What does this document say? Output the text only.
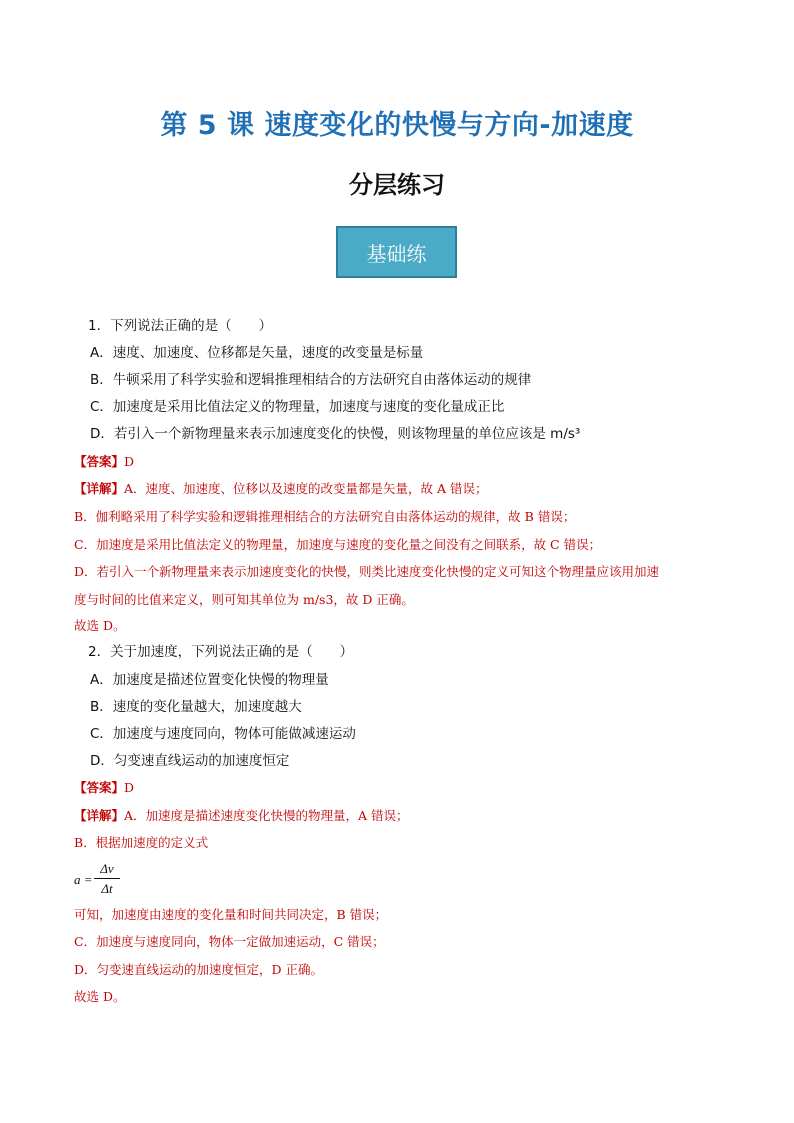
第 5 课 速度变化的快慢与方向-加速度
分层练习
基础练
1．下列说法正确的是（　　）
A．速度、加速度、位移都是矢量，速度的改变量是标量
B．牛顿采用了科学实验和逻辑推理相结合的方法研究自由落体运动的规律
C．加速度是采用比值法定义的物理量，加速度与速度的变化量成正比
D．若引入一个新物理量来表示加速度变化的快慢，则该物理量的单位应该是 m/s³
【答案】D
【详解】A．速度、加速度、位移以及速度的改变量都是矢量，故 A 错误；
B．伽利略采用了科学实验和逻辑推理相结合的方法研究自由落体运动的规律，故 B 错误；
C．加速度是采用比值法定义的物理量，加速度与速度的变化量之间没有之间联系，故 C 错误；
D．若引入一个新物理量来表示加速度变化的快慢，则类比速度变化快慢的定义可知这个物理量应该用加速
度与时间的比值来定义，则可知其单位为 m/s3，故 D 正确。
故选 D。
2．关于加速度，下列说法正确的是（　　）
A．加速度是描述位置变化快慢的物理量
B．速度的变化量越大，加速度越大
C．加速度与速度同向，物体可能做减速运动
D．匀变速直线运动的加速度恒定
【答案】D
【详解】A．加速度是描述速度变化快慢的物理量，A 错误；
B．根据加速度的定义式
a =
Δv
Δt
可知，加速度由速度的变化量和时间共同决定，B 错误；
C．加速度与速度同向，物体一定做加速运动，C 错误；
D．匀变速直线运动的加速度恒定，D 正确。
故选 D。
